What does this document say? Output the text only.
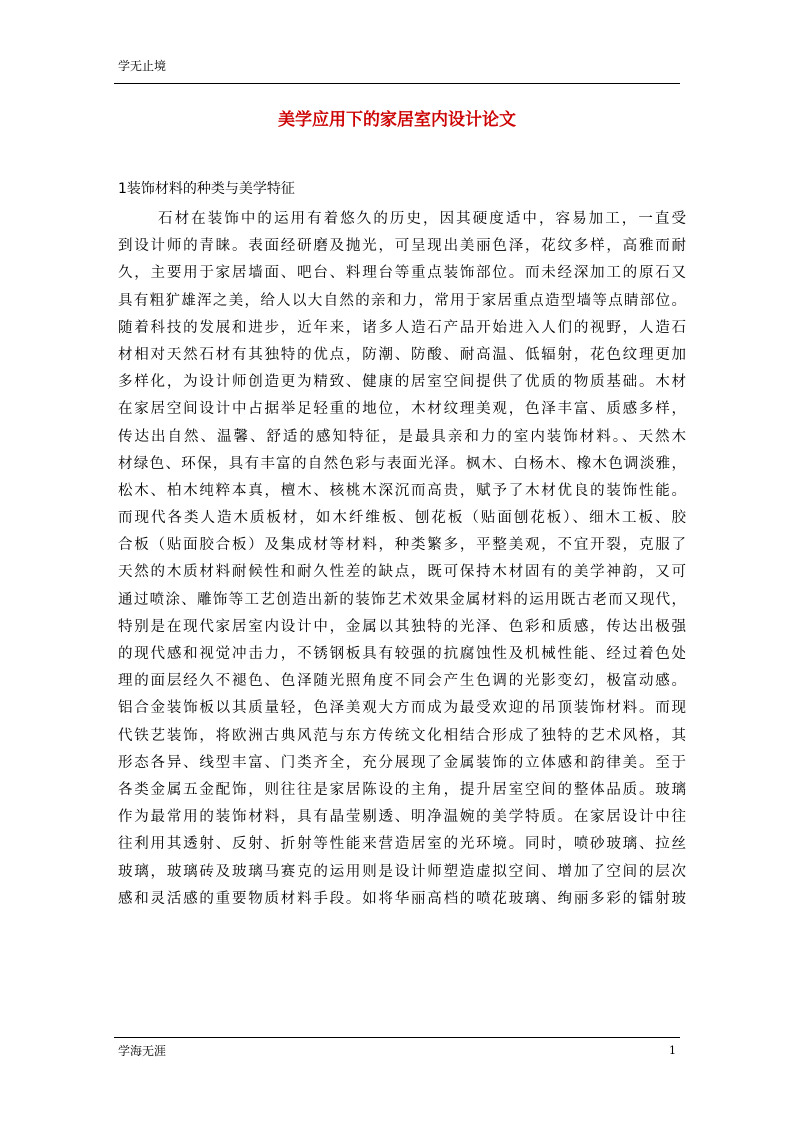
学无止境
美学应用下的家居室内设计论文
1装饰材料的种类与美学特征
石材在装饰中的运用有着悠久的历史，因其硬度适中，容易加工，一直受
到设计师的青睐。表面经研磨及抛光，可呈现出美丽色泽，花纹多样，高雅而耐
久，主要用于家居墙面、吧台、料理台等重点装饰部位。而未经深加工的原石又
具有粗犷雄浑之美，给人以大自然的亲和力，常用于家居重点造型墙等点睛部位。
随着科技的发展和进步，近年来，诸多人造石产品开始进入人们的视野，人造石
材相对天然石材有其独特的优点，防潮、防酸、耐高温、低辐射，花色纹理更加
多样化，为设计师创造更为精致、健康的居室空间提供了优质的物质基础。木材
在家居空间设计中占据举足轻重的地位，木材纹理美观，色泽丰富、质感多样，
传达出自然、温馨、舒适的感知特征，是最具亲和力的室内装饰材料。、天然木
材绿色、环保，具有丰富的自然色彩与表面光泽。枫木、白杨木、橡木色调淡雅，
松木、柏木纯粹本真，檀木、核桃木深沉而高贵，赋予了木材优良的装饰性能。
而现代各类人造木质板材，如木纤维板、刨花板（贴面刨花板）、细木工板、胶
合板（贴面胶合板）及集成材等材料，种类繁多，平整美观，不宜开裂，克服了
天然的木质材料耐候性和耐久性差的缺点，既可保持木材固有的美学神韵，又可
通过喷涂、雕饰等工艺创造出新的装饰艺术效果金属材料的运用既古老而又现代，
特别是在现代家居室内设计中，金属以其独特的光泽、色彩和质感，传达出极强
的现代感和视觉冲击力，不锈钢板具有较强的抗腐蚀性及机械性能、经过着色处
理的面层经久不褪色、色泽随光照角度不同会产生色调的光影变幻，极富动感。
铝合金装饰板以其质量轻，色泽美观大方而成为最受欢迎的吊顶装饰材料。而现
代铁艺装饰，将欧洲古典风范与东方传统文化相结合形成了独特的艺术风格，其
形态各异、线型丰富、门类齐全，充分展现了金属装饰的立体感和韵律美。至于
各类金属五金配饰，则往往是家居陈设的主角，提升居室空间的整体品质。玻璃
作为最常用的装饰材料，具有晶莹剔透、明净温婉的美学特质。在家居设计中往
往利用其透射、反射、折射等性能来营造居室的光环境。同时，喷砂玻璃、拉丝
玻璃，玻璃砖及玻璃马赛克的运用则是设计师塑造虚拟空间、增加了空间的层次
感和灵活感的重要物质材料手段。如将华丽高档的喷花玻璃、绚丽多彩的镭射玻
学海无涯	1
